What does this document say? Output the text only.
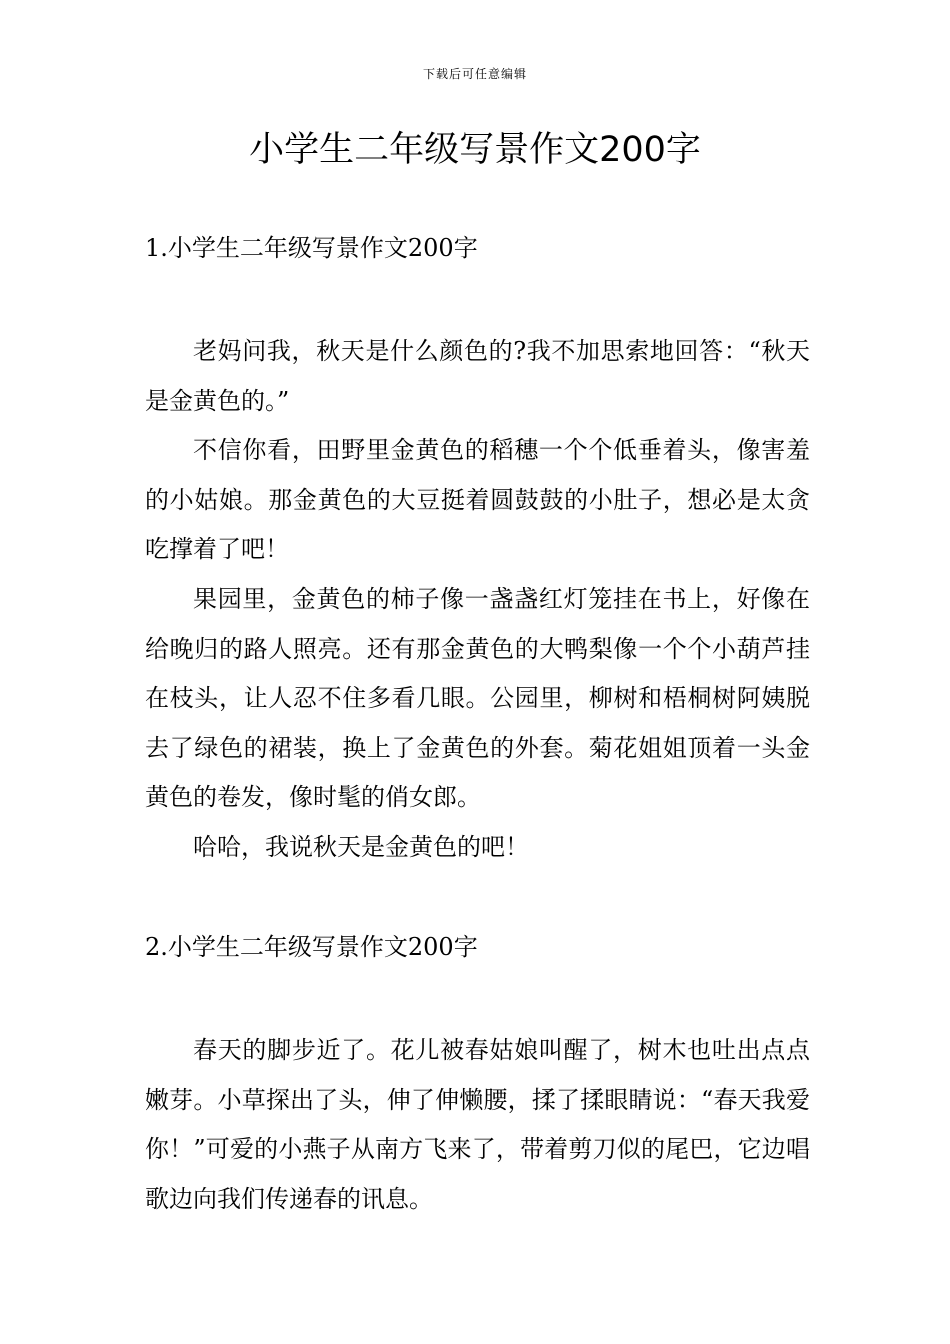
下载后可任意编辑
小学生二年级写景作文200字
1.小学生二年级写景作文200字

老妈问我，秋天是什么颜色的?我不加思索地回答：“秋天是金黄色的。”

不信你看，田野里金黄色的稻穗一个个低垂着头，像害羞的小姑娘。那金黄色的大豆挺着圆鼓鼓的小肚子，想必是太贪吃撑着了吧！

果园里，金黄色的柿子像一盏盏红灯笼挂在书上，好像在给晚归的路人照亮。还有那金黄色的大鸭梨像一个个小葫芦挂在枝头，让人忍不住多看几眼。公园里，柳树和梧桐树阿姨脱去了绿色的裙装，换上了金黄色的外套。菊花姐姐顶着一头金黄色的卷发，像时髦的俏女郎。

哈哈，我说秋天是金黄色的吧！

2.小学生二年级写景作文200字

春天的脚步近了。花儿被春姑娘叫醒了，树木也吐出点点嫩芽。小草探出了头，伸了伸懒腰，揉了揉眼睛说：“春天我爱你！”可爱的小燕子从南方飞来了，带着剪刀似的尾巴，它边唱歌边向我们传递春的讯息。
